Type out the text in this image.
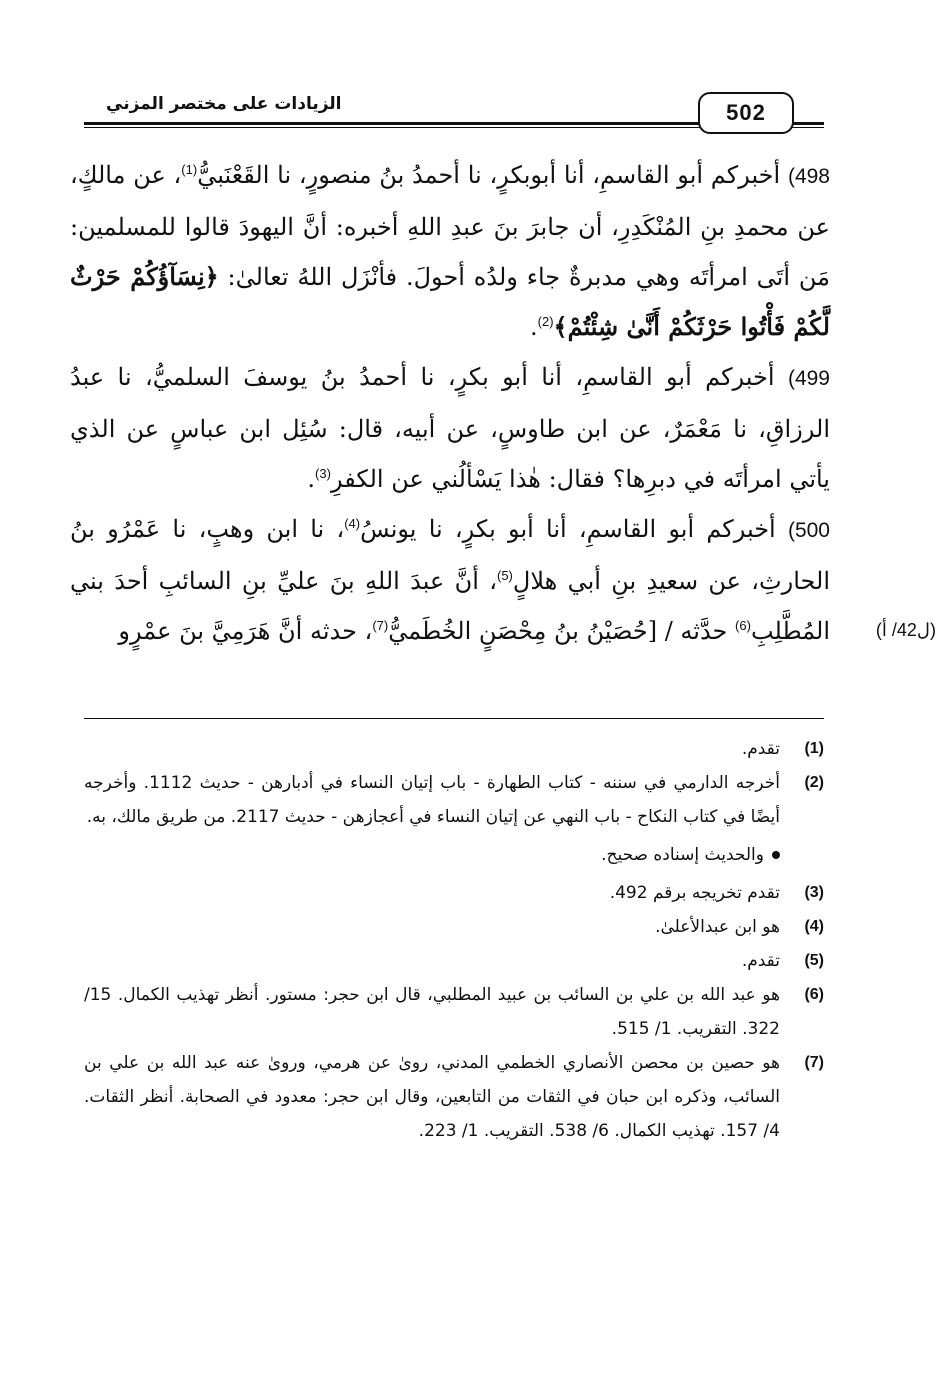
الزيادات على مختصر المزني	502

498) أخبركم أبو القاسمِ، أنا أبوبكرٍ، نا أحمدُ بنُ منصورٍ، نا القَعْنَبيُّ$^{(1)}$، عن مالكٍ، عن محمدِ بنِ المُنْكَدِرِ، أن جابرَ بنَ عبدِ اللهِ أخبره: أنَّ اليهودَ قالوا للمسلمين: مَن أتَى امرأتَه وهي مدبرةٌ جاء ولدُه أحولَ. فأنْزَل اللهُ تعالىٰ: ﴿نِسَآؤُكُمْ حَرْثٌ لَّكُمْ فَأْتُوا حَرْثَكُمْ أَنَّىٰ شِئْتُمْ﴾$^{(2)}$.

499) أخبركم أبو القاسمِ، أنا أبو بكرٍ، نا أحمدُ بنُ يوسفَ السلميُّ، نا عبدُ الرزاقِ، نا مَعْمَرٌ، عن ابن طاوسٍ، عن أبيه، قال: سُئِل ابن عباسٍ عن الذي يأتي امرأتَه في دبرِها؟ فقال: هٰذا يَسْألُني عن الكفرِ$^{(3)}$.

500) أخبركم أبو القاسمِ، أنا أبو بكرٍ، نا يونسُ$^{(4)}$، نا ابن وهبٍ، نا عَمْرُو بنُ الحارثِ، عن سعيدِ بنِ أبي هلالٍ$^{(5)}$، أنَّ عبدَ اللهِ بنَ عليِّ بنِ السائبِ أحدَ بني المُطَّلِبِ$^{(6)}$ حدَّثه / [حُصَيْنُ بنُ مِحْصَنٍ الخُطَميُّ$^{(7)}$، حدثه أنَّ هَرَمِيَّ بنَ عمْرٍو	(ل42/ أ)

(1)
تقدم.

(2)
أخرجه الدارمي في سننه - كتاب الطهارة - باب إتيان النساء في أدبارهن - حديث 1112. وأخرجه أيضًا في كتاب النكاح - باب النهي عن إتيان النساء في أعجازهن - حديث 2117. من طريق مالك، به.

والحديث إسناده صحيح.

(3)
تقدم تخريجه برقم 492.

(4)
هو ابن عبدالأعلىٰ.

(5)
تقدم.

(6)
هو عبد الله بن علي بن السائب بن عبيد المطلبي، قال ابن حجر: مستور. أنظر تهذيب الكمال. 15/ 322. التقريب. 1/ 515.

(7)
هو حصين بن محصن الأنصاري الخطمي المدني، روىٰ عن هرمي، وروىٰ عنه عبد الله بن علي بن السائب، وذكره ابن حبان في الثقات من التابعين، وقال ابن حجر: معدود في الصحابة. أنظر الثقات. 4/ 157. تهذيب الكمال. 6/ 538. التقريب. 1/ 223.
